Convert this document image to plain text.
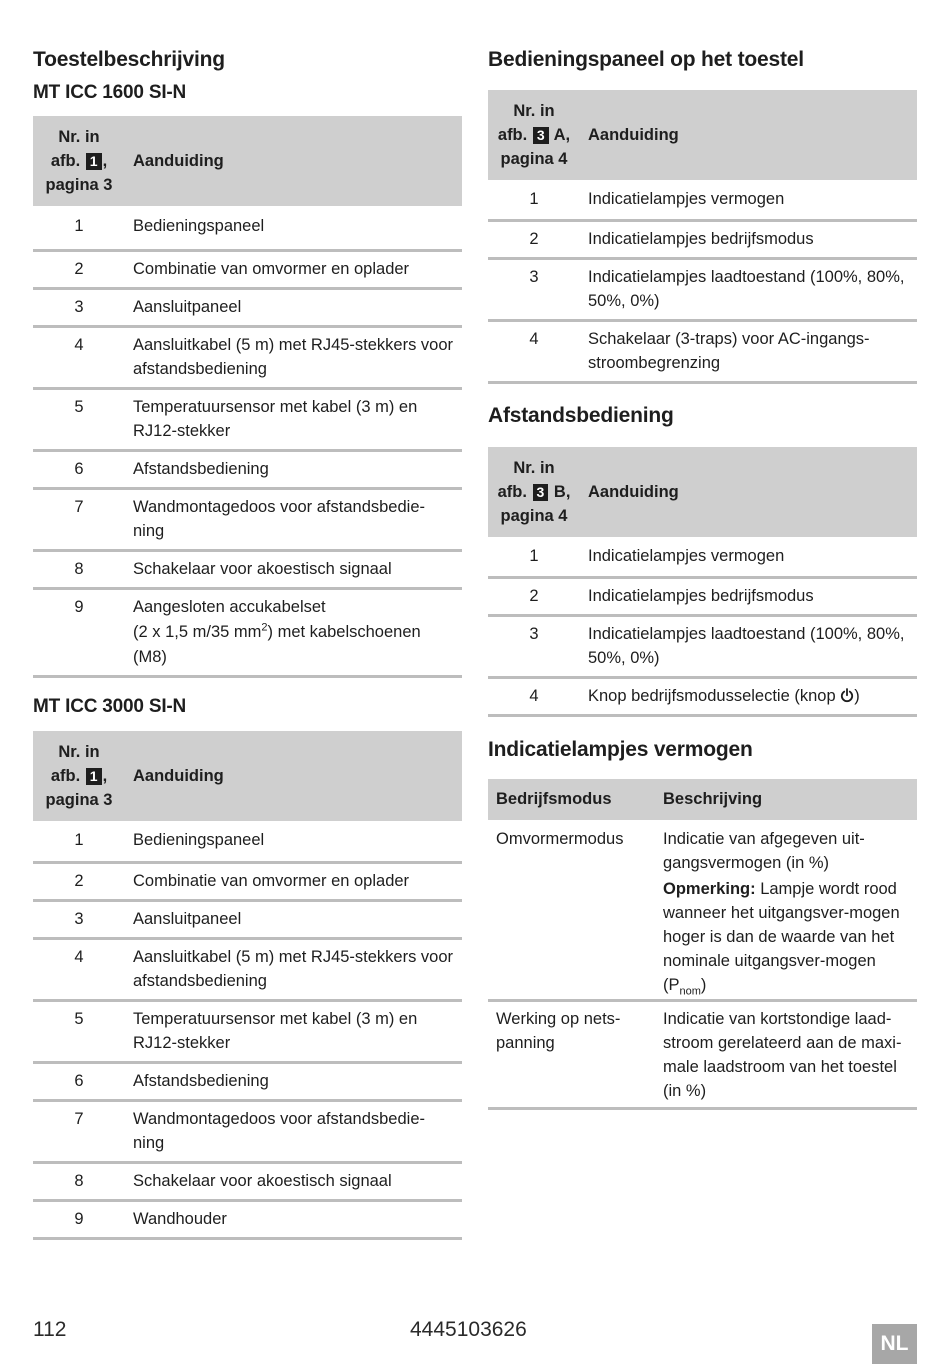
Toestelbeschrijving
MT ICC 1600 SI-N
Nr. in
afb. 1 ,
pagina 3	Aanduiding
1	Bedieningspaneel
2	Combinatie van omvormer en oplader
3	Aansluitpaneel
4	Aansluitkabel (5 m) met RJ45-stekkers voor afstandsbediening
5	Temperatuursensor met kabel (3 m) en RJ12-stekker
6	Afstandsbediening
7	Wandmontagedoos voor afstandsbedie-ning
8	Schakelaar voor akoestisch signaal
9	Aangesloten accukabelset
(2 x 1,5 m/35 $mm^2$) met kabelschoenen
(M8)
MT ICC 3000 SI-N
Nr. in
afb. 1 ,
pagina 3	Aanduiding
1	Bedieningspaneel
2	Combinatie van omvormer en oplader
3	Aansluitpaneel
4	Aansluitkabel (5 m) met RJ45-stekkers voor afstandsbediening
5	Temperatuursensor met kabel (3 m) en RJ12-stekker
6	Afstandsbediening
7	Wandmontagedoos voor afstandsbedie-ning
8	Schakelaar voor akoestisch signaal
9	Wandhouder
Bedieningspaneel op het toestel
Nr. in
afb. 3 A,
pagina 4	Aanduiding
1	Indicatielampjes vermogen
2	Indicatielampjes bedrijfsmodus
3	Indicatielampjes laadtoestand (100%, 80%, 50%, 0%)
4	Schakelaar (3-traps) voor AC-ingangs-stroombegrenzing
Afstandsbediening
Nr. in
afb. 3 B,
pagina 4	Aanduiding
1	Indicatielampjes vermogen
2	Indicatielampjes bedrijfsmodus
3	Indicatielampjes laadtoestand (100%, 80%, 50%, 0%)
4	Knop bedrijfsmodusselectie (knop )
Indicatielampjes vermogen
Bedrijfsmodus	Beschrijving
Omvormermodus	Indicatie van afgegeven uit-gangsvermogen (in %)
Opmerking: Lampje wordt rood wanneer het uitgangsver-mogen hoger is dan de waarde van het nominale uitgangsver-mogen $(P_{nom})$

Werking op nets-panning	Indicatie van kortstondige laad-stroom gerelateerd aan de maxi-male laadstroom van het toestel (in %)
112	4445103626
NL
